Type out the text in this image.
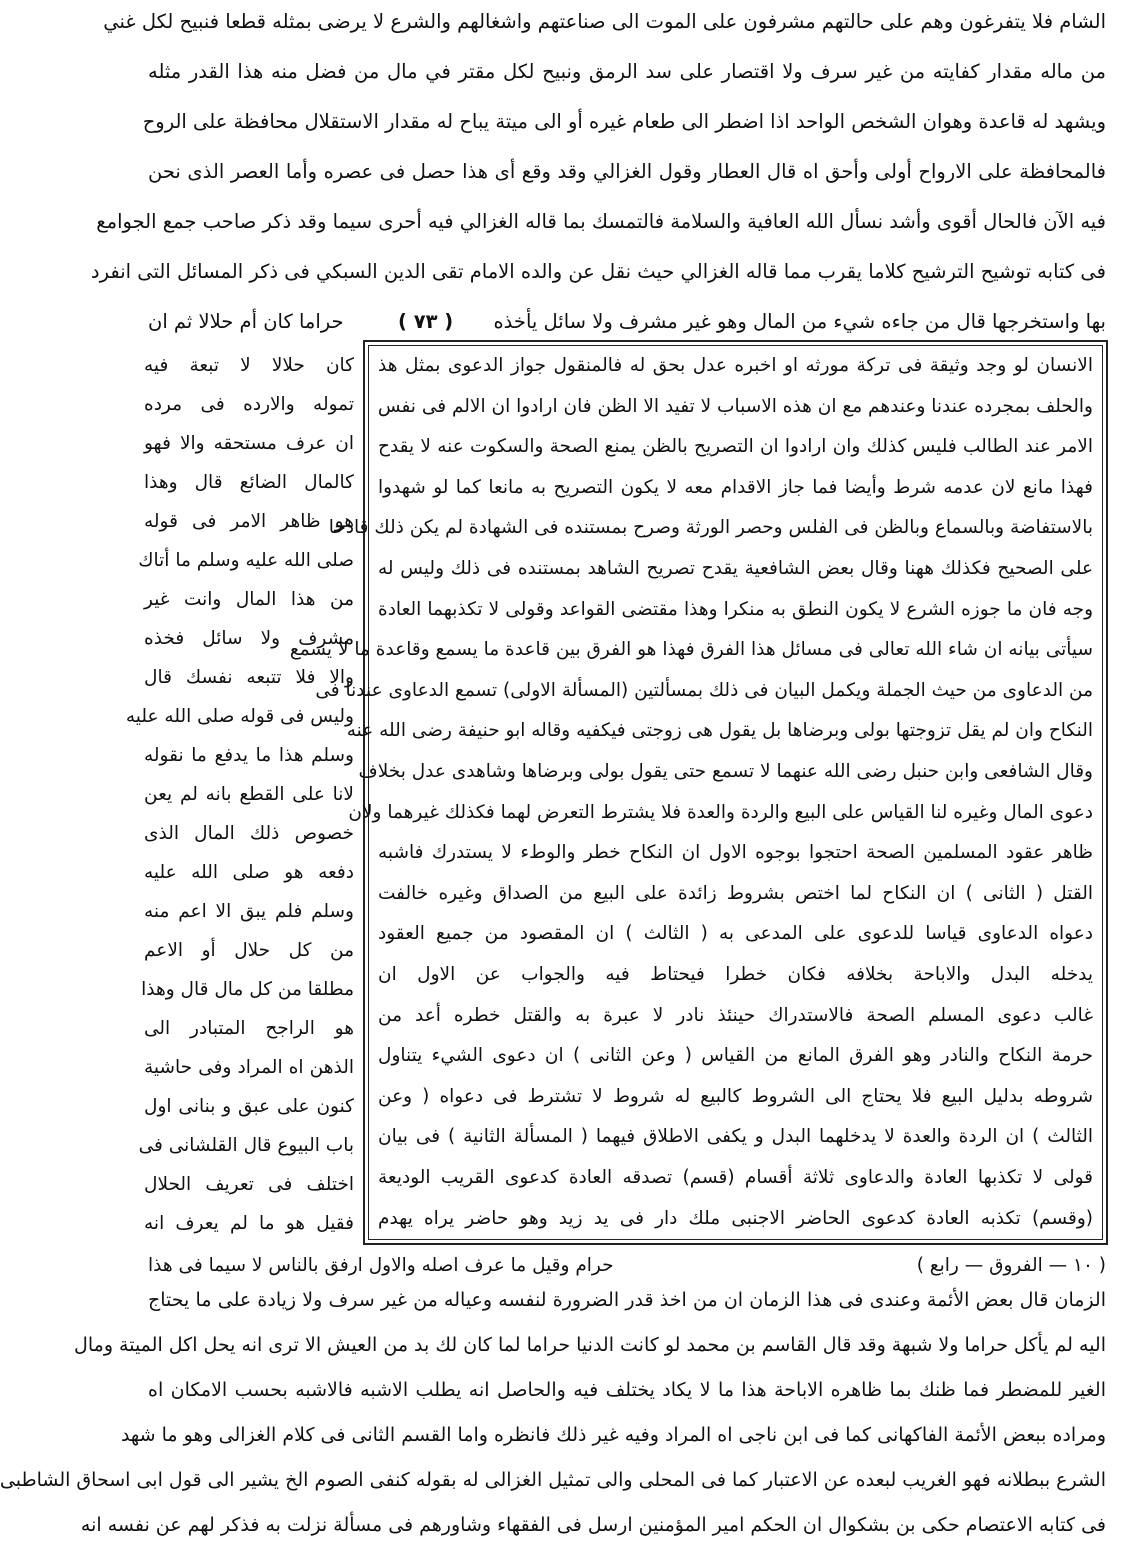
الشام فلا يتفرغون وهم على حالتهم مشرفون على الموت الى صناعتهم واشغالهم والشرع لا يرضى بمثله قطعا فنبيح لكل غني
من ماله مقدار كفايته من غير سرف ولا اقتصار على سد الرمق ونبيح لكل مقتر في مال من فضل منه هذا القدر مثله
ويشهد له قاعدة وهوان الشخص الواحد اذا اضطر الى طعام غيره أو الى ميتة يباح له مقدار الاستقلال محافظة على الروح
فالمحافظة على الارواح أولى وأحق اه قال العطار وقول الغزالي وقد وقع أى هذا حصل فى عصره وأما العصر الذى نحن
فيه الآن فالحال أقوى وأشد نسأل الله العافية والسلامة فالتمسك بما قاله الغزالي فيه أحرى سيما وقد ذكر صاحب جمع الجوامع
فى كتابه توشيح الترشيح كلاما يقرب مما قاله الغزالي حيث نقل عن والده الامام تقى الدين السبكي فى ذكر المسائل التى انفرد
بها واستخرجها قال من جاءه شيء من المال وهو غير مشرف ولا سائل يأخذه
( ٧٣ )
حراما كان أم حلالا ثم ان
الانسان لو وجد وثيقة فى تركة مورثه او اخبره عدل بحق له فالمنقول جواز الدعوى بمثل هذ
والحلف بمجرده عندنا وعندهم مع ان هذه الاسباب لا تفيد الا الظن فان ارادوا ان الالم فى نفس
الامر عند الطالب فليس كذلك وان ارادوا ان التصريح بالظن يمنع الصحة والسكوت عنه لا يقدح
فهذا مانع لان عدمه شرط وأيضا فما جاز الاقدام معه لا يكون التصريح به مانعا كما لو شهدوا
بالاستفاضة وبالسماع وبالظن فى الفلس وحصر الورثة وصرح بمستنده فى الشهادة لم يكن ذلك قادحا
على الصحيح فكذلك ههنا وقال بعض الشافعية يقدح تصريح الشاهد بمستنده فى ذلك وليس له
وجه فان ما جوزه الشرع لا يكون النطق به منكرا وهذا مقتضى القواعد وقولى لا تكذبهما العادة
سيأتى بيانه ان شاء الله تعالى فى مسائل هذا الفرق فهذا هو الفرق بين قاعدة ما يسمع وقاعدة ما لا يسمع
من الدعاوى من حيث الجملة ويكمل البيان فى ذلك بمسألتين (المسألة الاولى) تسمع الدعاوى عندنا فى
النكاح وان لم يقل تزوجتها بولى وبرضاها بل يقول هى زوجتى فيكفيه وقاله ابو حنيفة رضى الله عنه
وقال الشافعى وابن حنبل رضى الله عنهما لا تسمع حتى يقول بولى وبرضاها وشاهدى عدل بخلاف
دعوى المال وغيره لنا القياس على البيع والردة والعدة فلا يشترط التعرض لهما فكذلك غيرهما ولان
ظاهر عقود المسلمين الصحة احتجوا بوجوه الاول ان النكاح خطر والوطء لا يستدرك فاشبه
القتل ( الثانى ) ان النكاح لما اختص بشروط زائدة على البيع من الصداق وغيره خالفت
دعواه الدعاوى قياسا للدعوى على المدعى به ( الثالث ) ان المقصود من جميع العقود
يدخله البدل والاباحة بخلافه فكان خطرا فيحتاط فيه والجواب عن الاول ان
غالب دعوى المسلم الصحة فالاستدراك حينئذ نادر لا عبرة به والقتل خطره أعد من
حرمة النكاح والنادر وهو الفرق المانع من القياس ( وعن الثانى ) ان دعوى الشيء يتناول
شروطه بدليل البيع فلا يحتاج الى الشروط كالبيع له شروط لا تشترط فى دعواه ( وعن
الثالث ) ان الردة والعدة لا يدخلهما البدل و يكفى الاطلاق فيهما ( المسألة الثانية ) فى بيان
قولى لا تكذبها العادة والدعاوى ثلاثة أقسام (قسم) تصدقه العادة كدعوى القريب الوديعة
(وقسم) تكذبه العادة كدعوى الحاضر الاجنبى ملك دار فى يد زيد وهو حاضر يراه يهدم
كان حلالا لا تبعة فيه
تموله والارده فى مرده
ان عرف مستحقه والا فهو
كالمال الضائع قال وهذا
هو ظاهر الامر فى قوله
صلى الله عليه وسلم ما أتاك
من هذا المال وانت غير
مشرف ولا سائل فخذه
والا فلا تتبعه نفسك قال
وليس فى قوله صلى الله عليه
وسلم هذا ما يدفع ما نقوله
لانا على القطع بانه لم يعن
خصوص ذلك المال الذى
دفعه هو صلى الله عليه
وسلم فلم يبق الا اعم منه
من كل حلال أو الاعم
مطلقا من كل مال قال وهذا
هو الراجح المتبادر الى
الذهن اه المراد وفى حاشية
كنون على عبق و بنانى اول
باب البيوع قال القلشانى فى
اختلف فى تعريف الحلال
فقيل هو ما لم يعرف انه
( ١٠ — الفروق — رابع )
حرام وقيل ما عرف اصله والاول ارفق بالناس لا سيما فى هذا
الزمان قال بعض الأئمة وعندى فى هذا الزمان ان من اخذ قدر الضرورة لنفسه وعياله من غير سرف ولا زيادة على ما يحتاج
اليه لم يأكل حراما ولا شبهة وقد قال القاسم بن محمد لو كانت الدنيا حراما لما كان لك بد من العيش الا ترى انه يحل اكل الميتة ومال
الغير للمضطر فما ظنك بما ظاهره الاباحة هذا ما لا يكاد يختلف فيه والحاصل انه يطلب الاشبه فالاشبه بحسب الامكان اه
ومراده ببعض الأئمة الفاكهانى كما فى ابن ناجى اه المراد وفيه غير ذلك فانظره واما القسم الثانى فى كلام الغزالى وهو ما شهد
الشرع ببطلانه فهو الغريب لبعده عن الاعتبار كما فى المحلى والى تمثيل الغزالى له بقوله كنفى الصوم الخ يشير الى قول ابى اسحاق الشاطبى
فى كتابه الاعتصام حكى بن بشكوال ان الحكم امير المؤمنين ارسل فى الفقهاء وشاورهم فى مسألة نزلت به فذكر لهم عن نفسه انه
